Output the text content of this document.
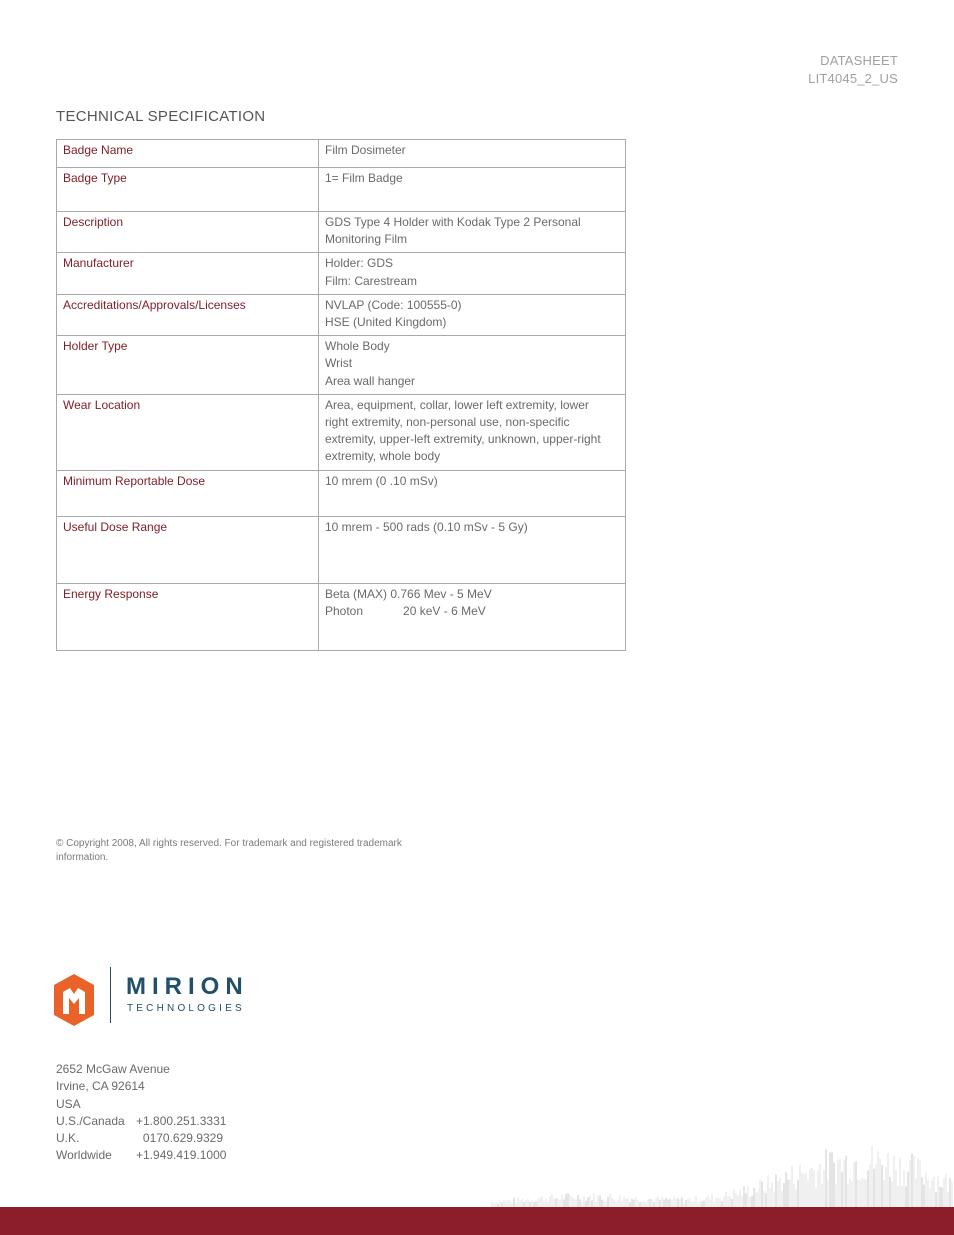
DATASHEET
LIT4045_2_US
TECHNICAL SPECIFICATION
Badge Name	Film Dosimeter

Badge Type	1= Film Badge

Description	GDS Type 4 Holder with Kodak Type 2 Personal
Monitoring Film

Manufacturer	Holder: GDS
Film: Carestream

Accreditations/Approvals/Licenses	NVLAP (Code: 100555-0)
HSE (United Kingdom)

Holder Type	Whole Body
Wrist
Area wall hanger

Wear Location	Area, equipment, collar, lower left extremity, lower
right extremity, non-personal use, non-specific
extremity, upper-left extremity, unknown, upper-right
extremity, whole body

Minimum Reportable Dose	10 mrem (0 .10 mSv)

Useful Dose Range	10 mrem - 500 rads (0.10 mSv - 5 Gy)

Energy Response	Beta (MAX) 0.766 Mev - 5 MeV
Photon            20 keV - 6 MeV
© Copyright 2008, All rights reserved. For trademark and registered trademark information.
MIRION
TECHNOLOGIES
2652 McGaw Avenue
Irvine, CA 92614
USA
U.S./Canada +1.800.251.3331
U.K.	0170.629.9329
Worldwide	+1.949.419.1000
